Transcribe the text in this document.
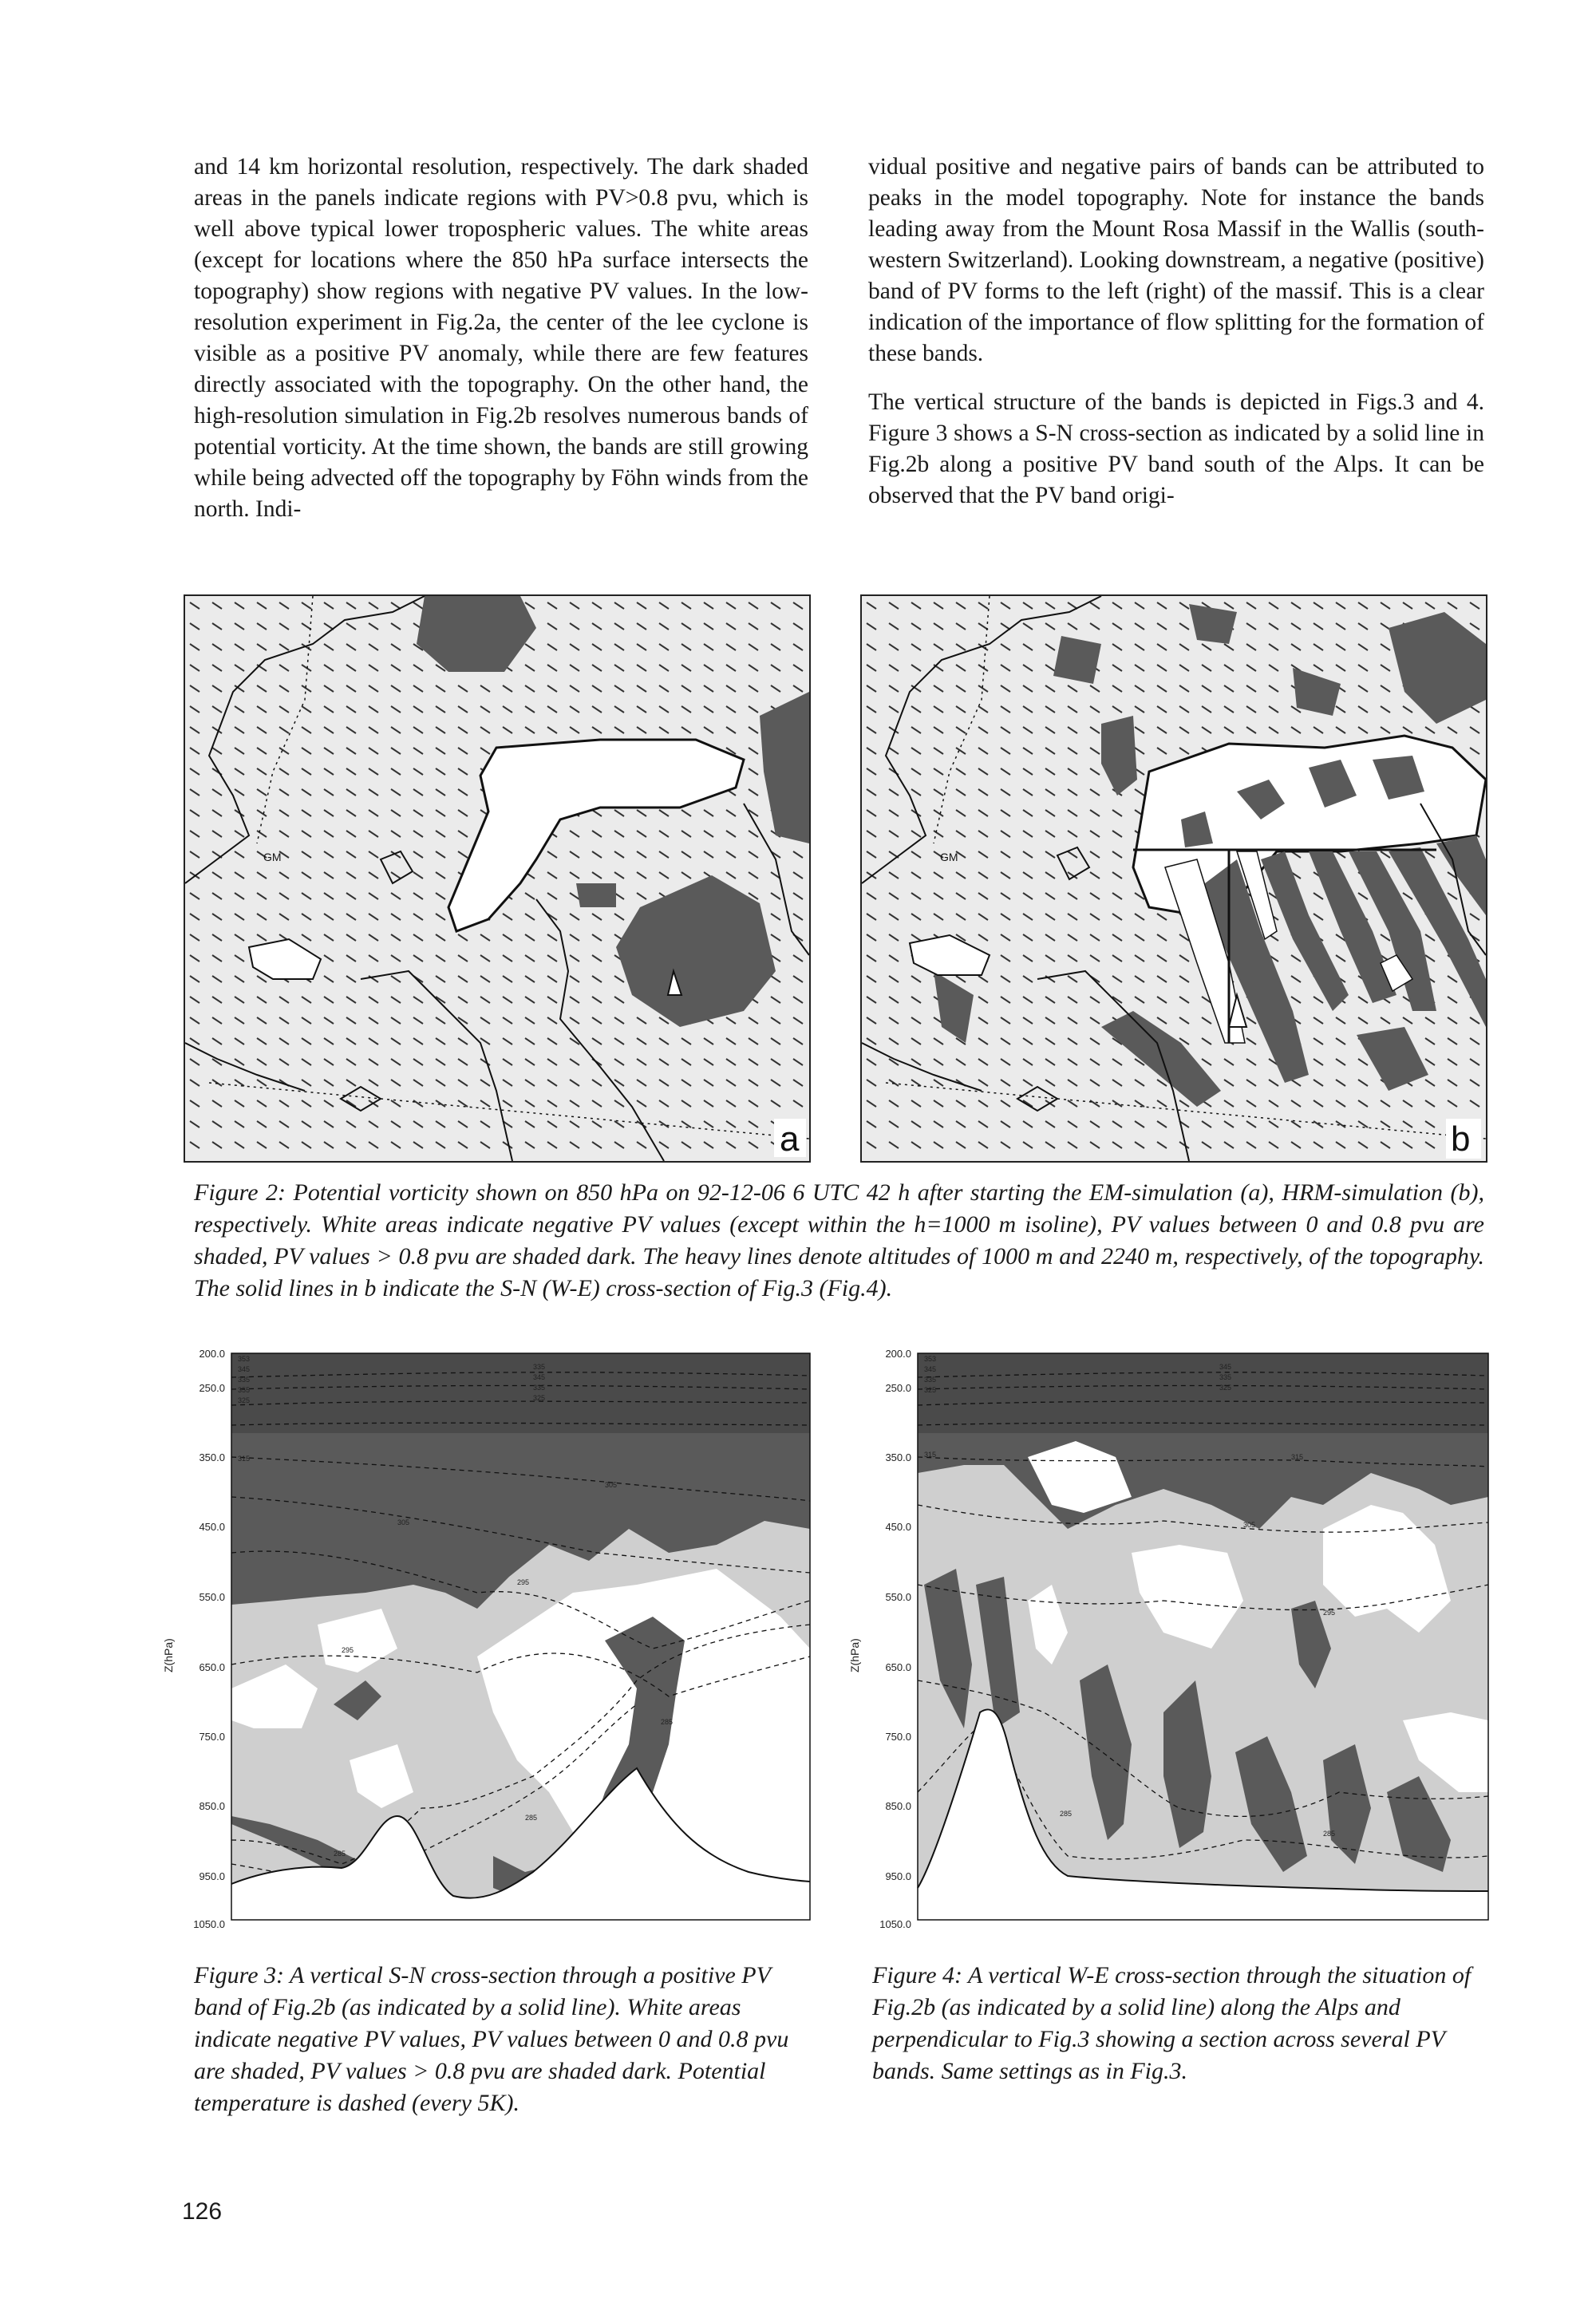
and 14 km horizontal resolution, respectively. The dark shaded areas in the panels indicate regions with PV>0.8 pvu, which is well above typical lower tropospheric values. The white areas (except for locations where the 850 hPa surface intersects the topography) show regions with negative PV values. In the low-resolution experiment in Fig.2a, the center of the lee cyclone is visible as a positive PV anomaly, while there are few features directly associated with the topography. On the other hand, the high-resolution simulation in Fig.2b resolves numerous bands of potential vorticity. At the time shown, the bands are still growing while being advected off the topography by Föhn winds from the north. Indi-

vidual positive and negative pairs of bands can be attributed to peaks in the model topography. Note for instance the bands leading away from the Mount Rosa Massif in the Wallis (south-western Switzerland). Looking downstream, a negative (positive) band of PV forms to the left (right) of the massif. This is a clear indication of the importance of flow splitting for the formation of these bands.

The vertical structure of the bands is depicted in Figs.3 and 4. Figure 3 shows a S-N cross-section as indicated by a solid line in Fig.2b along a positive PV band south of the Alps. It can be observed that the PV band origi-

GM
a
GM
b
Figure 2: Potential vorticity shown on 850 hPa on 92-12-06 6 UTC 42 h after starting the EM-simulation (a), HRM-simulation (b), respectively. White areas indicate negative PV values (except within the h=1000 m isoline), PV values between 0 and 0.8 pvu are shaded, PV values > 0.8 pvu are shaded dark. The heavy lines denote altitudes of 1000 m and 2240 m, respectively, of the topography. The solid lines in b indicate the S-N (W-E) cross-section of Fig.3 (Fig.4).
353
345
335
355
325
335
345
335
325
315
305
305
295
295
285
285
285
200.0
250.0
350.0
450.0
550.0
650.0
750.0
850.0
950.0
1050.0
Z(hPa)
353
345
335
325
345
335
325
315	315
305
295
285
285
200.0
250.0
350.0
450.0
550.0
650.0
750.0
850.0
950.0
1050.0
Z(hPa)
Figure 3: A vertical S-N cross-section through a positive PV band of Fig.2b (as indicated by a solid line). White areas indicate negative PV values, PV values between 0 and 0.8 pvu are shaded, PV values > 0.8 pvu are shaded dark. Potential temperature is dashed (every 5K).
Figure 4: A vertical W-E cross-section through the situation of Fig.2b (as indicated by a solid line) along the Alps and perpendicular to Fig.3 showing a section across several PV bands. Same settings as in Fig.3.
126
